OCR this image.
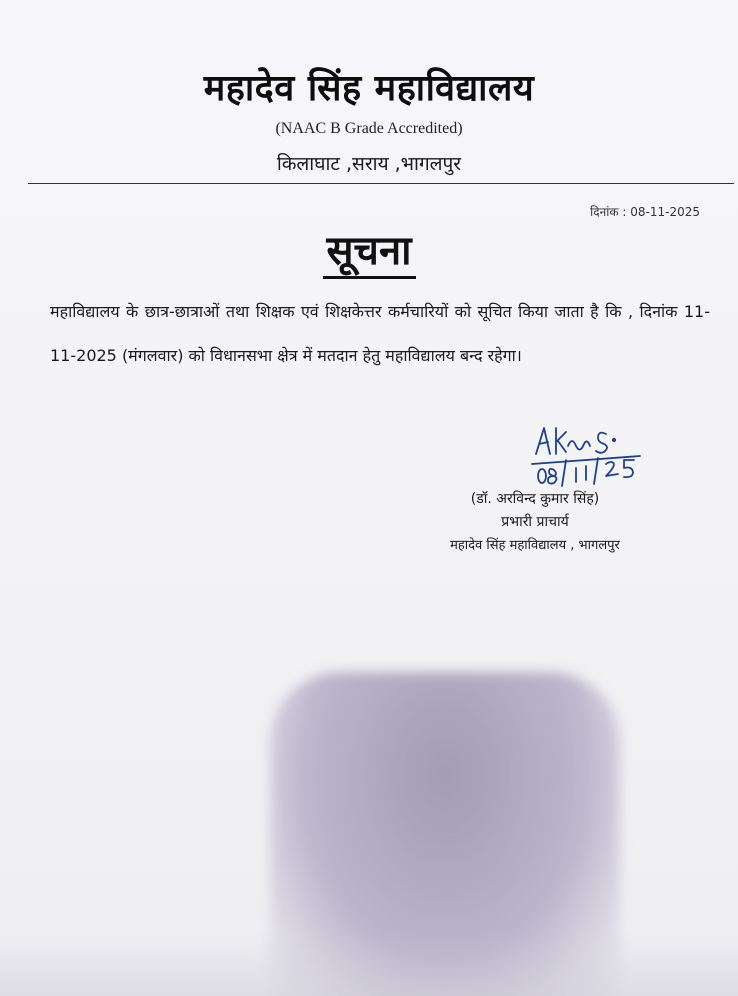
महादेव सिंह महाविद्यालय
(NAAC B Grade Accredited)
किलाघाट ,सराय ,भागलपुर
दिनांक : 08-11-2025
सूचना
महाविद्यालय के छात्र-छात्राओं तथा शिक्षक एवं शिक्षकेत्तर कर्मचारियों को सूचित किया जाता है कि , दिनांक 11-11-2025 (मंगलवार) को विधानसभा क्षेत्र में मतदान हेतु महाविद्यालय बन्द रहेगा।
(डॉ. अरविन्द कुमार सिंह)
प्रभारी प्राचार्य
महादेव सिंह महाविद्यालय , भागलपुर
